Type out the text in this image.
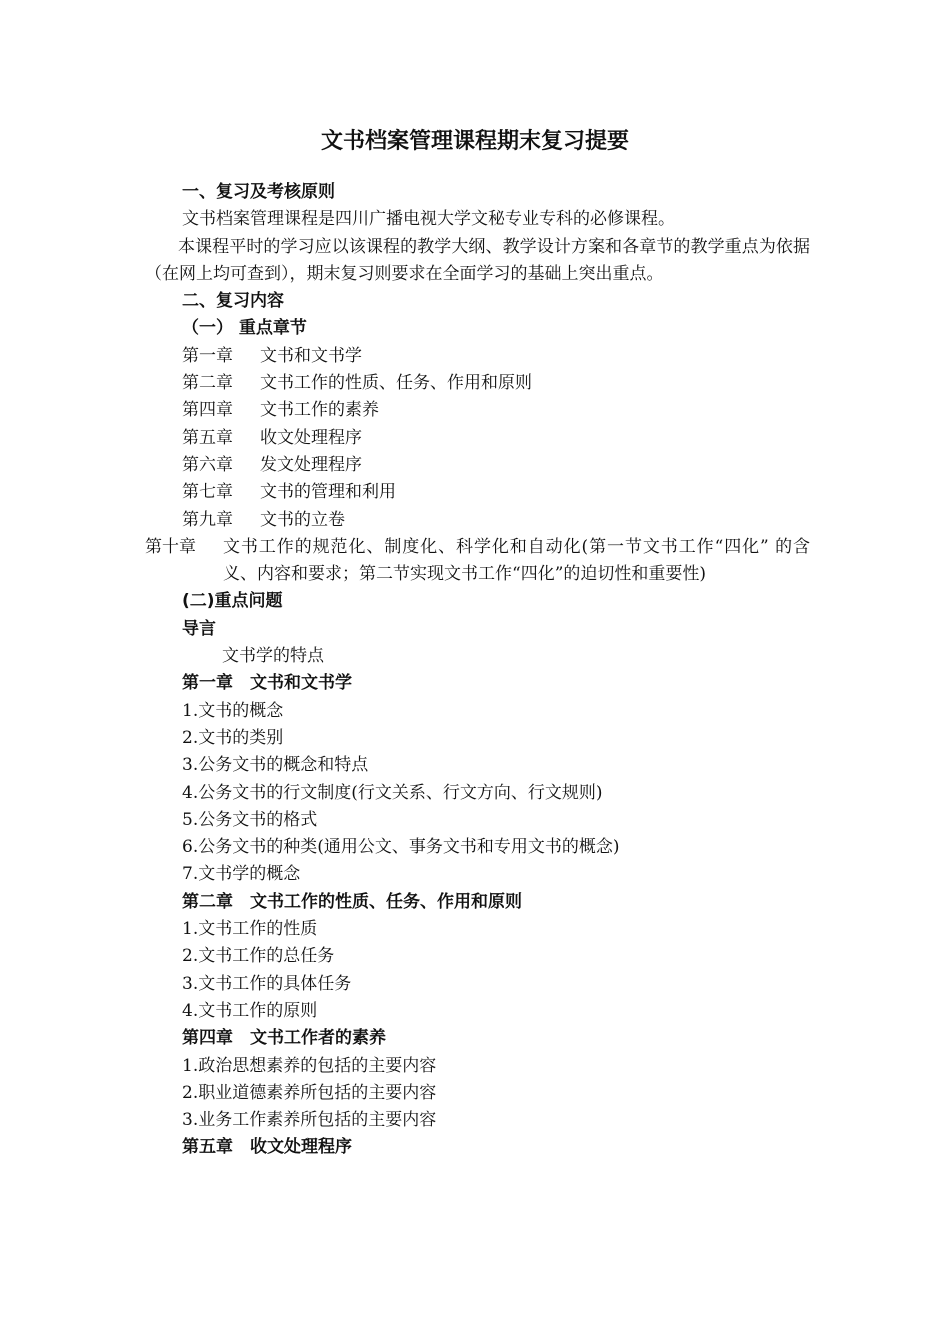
文书档案管理课程期末复习提要
一、复习及考核原则
文书档案管理课程是四川广播电视大学文秘专业专科的必修课程。

本课程平时的学习应以该课程的教学大纲、教学设计方案和各章节的教学重点为依据（在网上均可查到），期末复习则要求在全面学习的基础上突出重点。

二、复习内容
（一） 重点章节
第一章 文书和文书学
第二章 文书工作的性质、任务、作用和原则
第四章 文书工作的素养
第五章 收文处理程序
第六章 发文处理程序
第七章 文书的管理和利用
第九章 文书的立卷
第十章	文书工作的规范化、制度化、科学化和自动化(第一节文书工作“四化” 的含义、内容和要求；第二节实现文书工作“四化”的迫切性和重要性)
(二)重点问题
导言
文书学的特点
第一章　文书和文书学
1.文书的概念
2.文书的类别
3.公务文书的概念和特点
4.公务文书的行文制度(行文关系、行文方向、行文规则)
5.公务文书的格式
6.公务文书的种类(通用公文、事务文书和专用文书的概念)
7.文书学的概念
第二章　文书工作的性质、任务、作用和原则
1.文书工作的性质
2.文书工作的总任务
3.文书工作的具体任务
4.文书工作的原则
第四章　文书工作者的素养
1.政治思想素养的包括的主要内容
2.职业道德素养所包括的主要内容
3.业务工作素养所包括的主要内容
第五章　收文处理程序
